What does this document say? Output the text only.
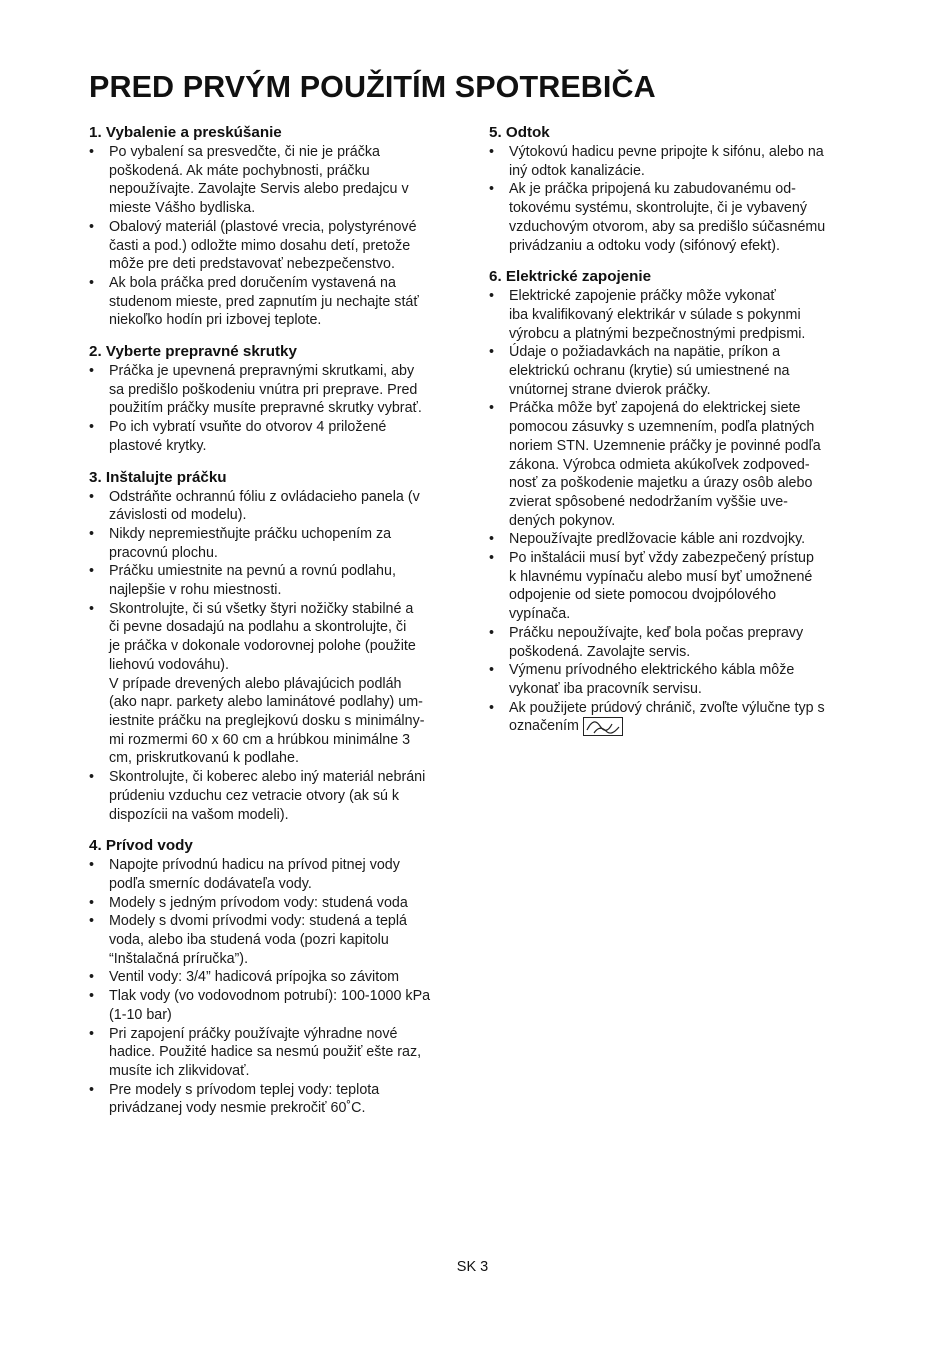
PRED PRVÝM POUŽITÍM SPOTREBIČA
1. Vybalenie a preskúšanie
• Po vybalení sa presvedčte, či nie je práčka
poškodená. Ak máte pochybnosti, práčku
nepoužívajte. Zavolajte Servis alebo predajcu v
mieste Vášho bydliska.
• Obalový materiál (plastové vrecia, polystyrénové
časti a pod.) odložte mimo dosahu detí, pretože
môže pre deti predstavovať nebezpečenstvo.
• Ak bola práčka pred doručením vystavená na
studenom mieste, pred zapnutím ju nechajte stáť
niekoľko hodín pri izbovej teplote.
2. Vyberte prepravné skrutky
• Práčka je upevnená prepravnými skrutkami, aby
sa predišlo poškodeniu vnútra pri preprave. Pred
použitím práčky musíte prepravné skrutky vybrať.
• Po ich vybratí vsuňte do otvorov 4 priložené
plastové krytky.
3. Inštalujte práčku
• Odstráňte ochrannú fóliu z ovládacieho panela (v
závislosti od modelu).
• Nikdy nepremiestňujte práčku uchopením za
pracovnú plochu.
• Práčku umiestnite na pevnú a rovnú podlahu,
najlepšie v rohu miestnosti.
• Skontrolujte, či sú všetky štyri nožičky stabilné a
či pevne dosadajú na podlahu a skontrolujte, či
je práčka v dokonale vodorovnej polohe (použite
liehovú vodováhu).
V prípade drevených alebo plávajúcich podláh
(ako napr. parkety alebo laminátové podlahy) um-
iestnite práčku na preglejkovú dosku s minimálny-
mi rozmermi 60 x 60 cm a hrúbkou minimálne 3
cm, priskrutkovanú k podlahe.
• Skontrolujte, či koberec alebo iný materiál nebráni
prúdeniu vzduchu cez vetracie otvory (ak sú k
dispozícii na vašom modeli).
4. Prívod vody
• Napojte prívodnú hadicu na prívod pitnej vody
podľa smerníc dodávateľa vody.
• Modely s jedným prívodom vody: studená voda
• Modely s dvomi prívodmi vody: studená a teplá
voda, alebo iba studená voda (pozri kapitolu
“Inštalačná príručka”).
• Ventil vody: 3/4” hadicová prípojka so závitom
• Tlak vody (vo vodovodnom potrubí): 100-1000 kPa
(1-10 bar)
• Pri zapojení práčky používajte výhradne nové
hadice. Použité hadice sa nesmú použiť ešte raz,
musíte ich zlikvidovať.
• Pre modely s prívodom teplej vody: teplota
privádzanej vody nesmie prekročiť 60˚C.
5. Odtok
• Výtokovú hadicu pevne pripojte k sifónu, alebo na
iný odtok kanalizácie.
• Ak je práčka pripojená ku zabudovanému od-
tokovému systému, skontrolujte, či je vybavený
vzduchovým otvorom, aby sa predišlo súčasnému
privádzaniu a odtoku vody (sifónový efekt).
6. Elektrické zapojenie
• Elektrické zapojenie práčky môže vykonať
iba kvalifikovaný elektrikár v súlade s pokynmi
výrobcu a platnými bezpečnostnými predpismi.
• Údaje o požiadavkách na napätie, príkon a
elektrickú ochranu (krytie) sú umiestnené na
vnútornej strane dvierok práčky.
• Práčka môže byť zapojená do elektrickej siete
pomocou zásuvky s uzemnením, podľa platných
noriem STN. Uzemnenie práčky je povinné podľa
zákona. Výrobca odmieta akúkoľvek zodpoved-
nosť za poškodenie majetku a úrazy osôb alebo
zvierat spôsobené nedodržaním vyššie uve-
dených pokynov.
• Nepoužívajte predlžovacie káble ani rozdvojky.
• Po inštalácii musí byť vždy zabezpečený prístup
k hlavnému vypínaču alebo musí byť umožnené
odpojenie od siete pomocou dvojpólového
vypínača.
• Práčku nepoužívajte, keď bola počas prepravy
poškodená. Zavolajte servis.
• Výmenu prívodného elektrického kábla môže
vykonať iba pracovník servisu.
• Ak použijete prúdový chránič, zvoľte výlučne typ s
označením
SK 3
